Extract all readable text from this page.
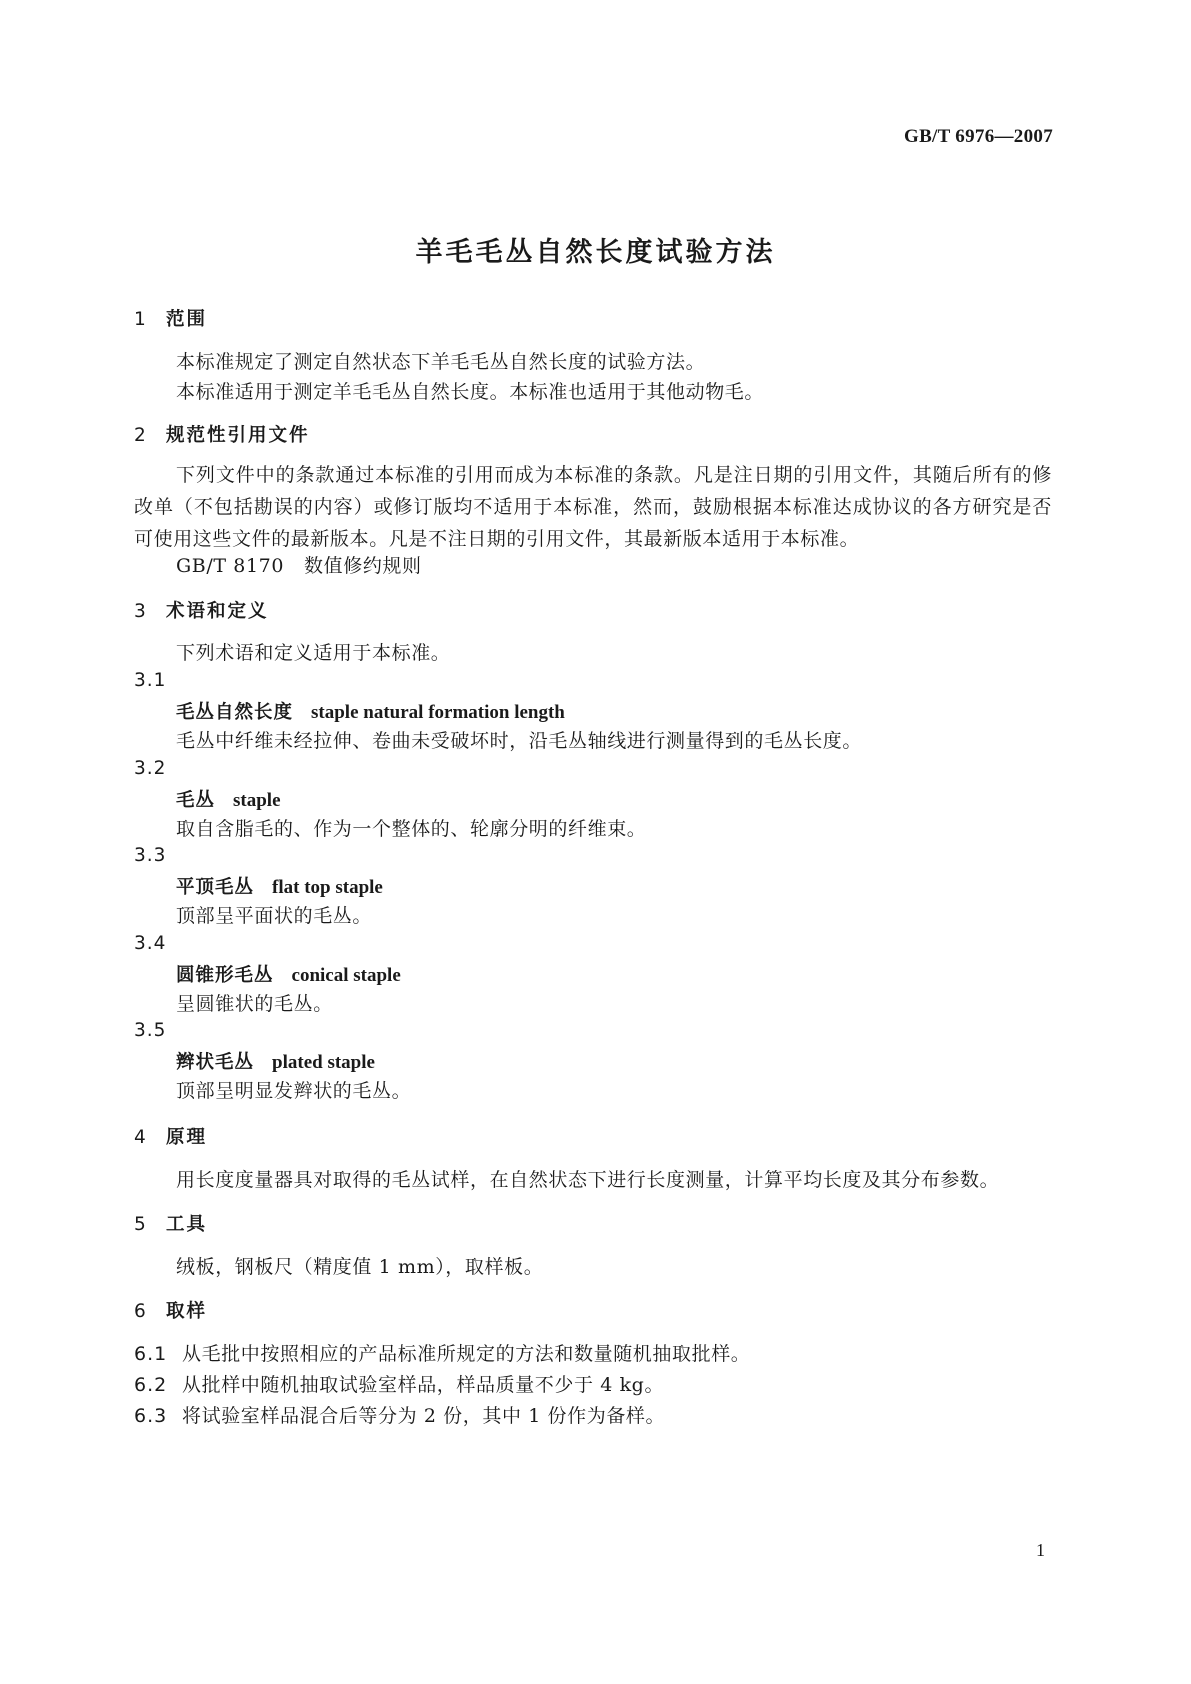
GB/T 6976—2007
羊毛毛丛自然长度试验方法
1 范围
本标准规定了测定自然状态下羊毛毛丛自然长度的试验方法。
本标准适用于测定羊毛毛丛自然长度。本标准也适用于其他动物毛。
2 规范性引用文件
下列文件中的条款通过本标准的引用而成为本标准的条款。凡是注日期的引用文件，其随后所有的修改单（不包括勘误的内容）或修订版均不适用于本标准，然而，鼓励根据本标准达成协议的各方研究是否可使用这些文件的最新版本。凡是不注日期的引用文件，其最新版本适用于本标准。
GB/T 8170 数值修约规则
3 术语和定义
下列术语和定义适用于本标准。
3.1
毛丛自然长度 staple natural formation length
毛丛中纤维未经拉伸、卷曲未受破坏时，沿毛丛轴线进行测量得到的毛丛长度。
3.2
毛丛 staple
取自含脂毛的、作为一个整体的、轮廓分明的纤维束。
3.3
平顶毛丛 flat top staple
顶部呈平面状的毛丛。
3.4
圆锥形毛丛 conical staple
呈圆锥状的毛丛。
3.5
辫状毛丛 plated staple
顶部呈明显发辫状的毛丛。
4 原理
用长度度量器具对取得的毛丛试样，在自然状态下进行长度测量，计算平均长度及其分布参数。
5 工具
绒板，钢板尺（精度值 1 mm），取样板。
6 取样
6.1 从毛批中按照相应的产品标准所规定的方法和数量随机抽取批样。
6.2 从批样中随机抽取试验室样品，样品质量不少于 4 kg。
6.3 将试验室样品混合后等分为 2 份，其中 1 份作为备样。
1
